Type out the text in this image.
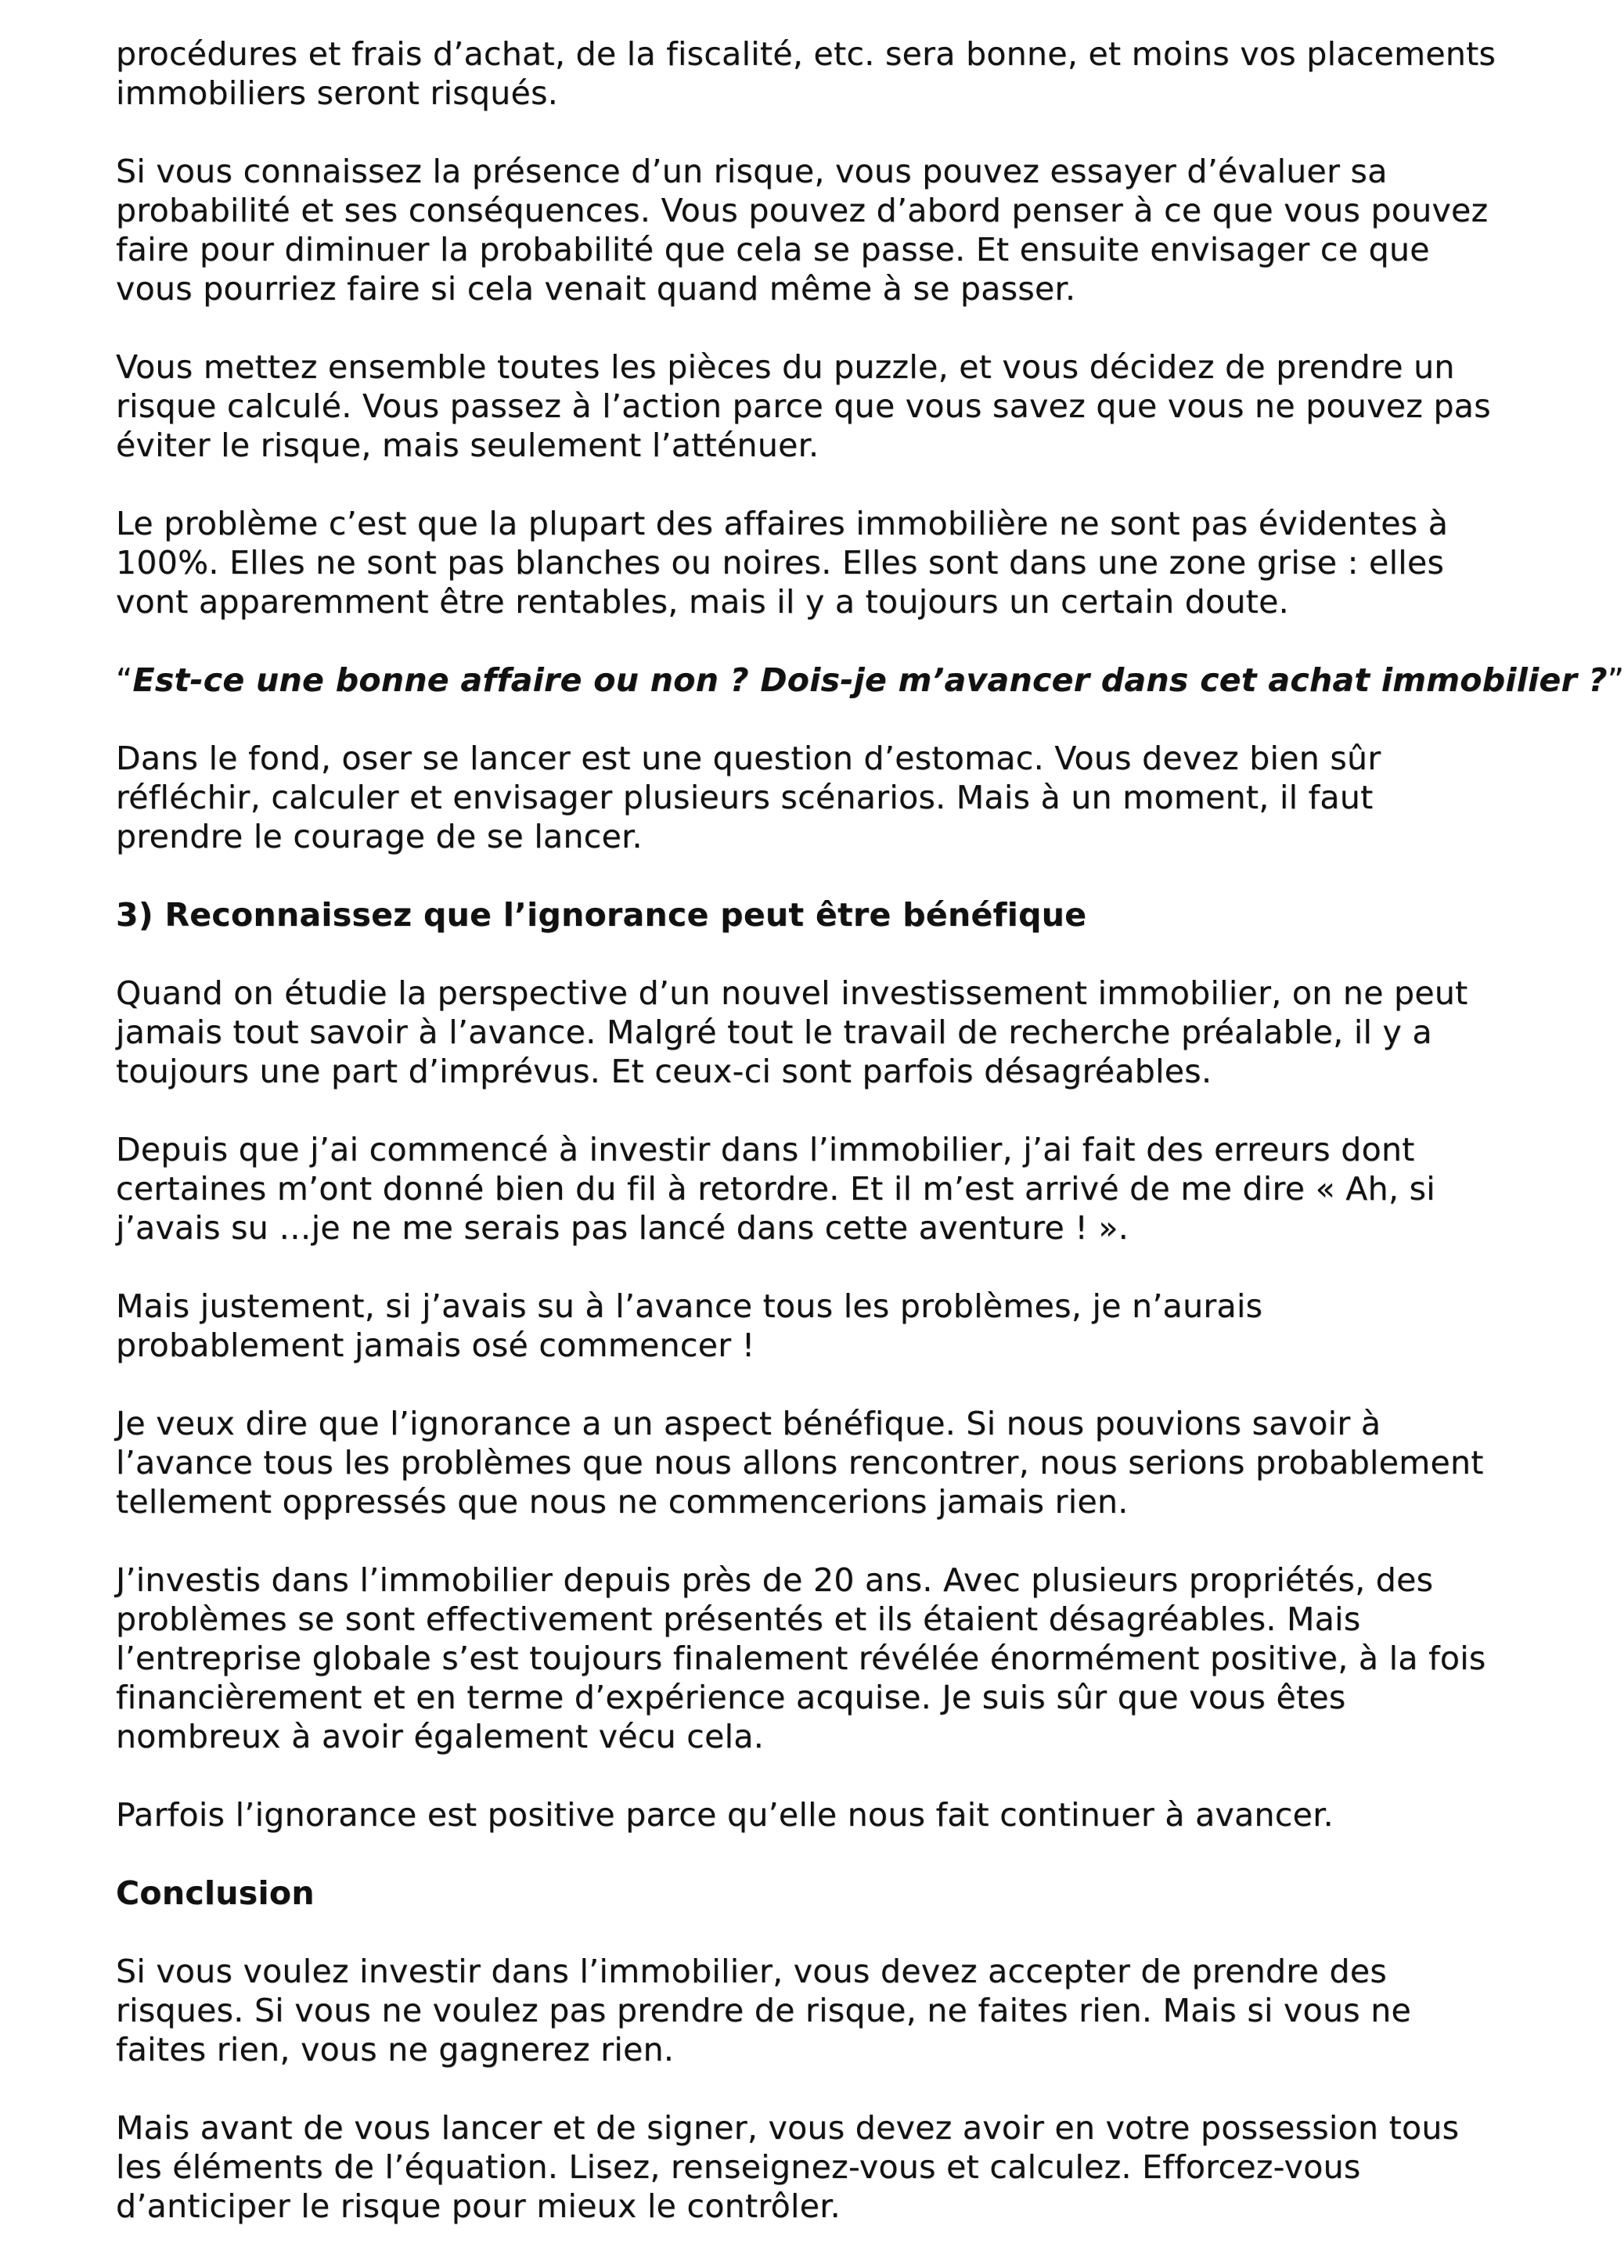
procédures et frais d’achat, de la fiscalité, etc. sera bonne, et moins vos placements
immobiliers seront risqués.

Si vous connaissez la présence d’un risque, vous pouvez essayer d’évaluer sa
probabilité et ses conséquences. Vous pouvez d’abord penser à ce que vous pouvez
faire pour diminuer la probabilité que cela se passe. Et ensuite envisager ce que
vous pourriez faire si cela venait quand même à se passer.

Vous mettez ensemble toutes les pièces du puzzle, et vous décidez de prendre un
risque calculé. Vous passez à l’action parce que vous savez que vous ne pouvez pas
éviter le risque, mais seulement l’atténuer.

Le problème c’est que la plupart des affaires immobilière ne sont pas évidentes à
100%. Elles ne sont pas blanches ou noires. Elles sont dans une zone grise : elles
vont apparemment être rentables, mais il y a toujours un certain doute.

“Est-ce une bonne affaire ou non ? Dois-je m’avancer dans cet achat immobilier ?”

Dans le fond, oser se lancer est une question d’estomac. Vous devez bien sûr
réfléchir, calculer et envisager plusieurs scénarios. Mais à un moment, il faut
prendre le courage de se lancer.

3) Reconnaissez que l’ignorance peut être bénéfique

Quand on étudie la perspective d’un nouvel investissement immobilier, on ne peut
jamais tout savoir à l’avance. Malgré tout le travail de recherche préalable, il y a
toujours une part d’imprévus. Et ceux-ci sont parfois désagréables.

Depuis que j’ai commencé à investir dans l’immobilier, j’ai fait des erreurs dont
certaines m’ont donné bien du fil à retordre. Et il m’est arrivé de me dire « Ah, si
j’avais su …je ne me serais pas lancé dans cette aventure ! ».

Mais justement, si j’avais su à l’avance tous les problèmes, je n’aurais
probablement jamais osé commencer !

Je veux dire que l’ignorance a un aspect bénéfique. Si nous pouvions savoir à
l’avance tous les problèmes que nous allons rencontrer, nous serions probablement
tellement oppressés que nous ne commencerions jamais rien.

J’investis dans l’immobilier depuis près de 20 ans. Avec plusieurs propriétés, des
problèmes se sont effectivement présentés et ils étaient désagréables. Mais
l’entreprise globale s’est toujours finalement révélée énormément positive, à la fois
financièrement et en terme d’expérience acquise. Je suis sûr que vous êtes
nombreux à avoir également vécu cela.

Parfois l’ignorance est positive parce qu’elle nous fait continuer à avancer.

Conclusion

Si vous voulez investir dans l’immobilier, vous devez accepter de prendre des
risques. Si vous ne voulez pas prendre de risque, ne faites rien. Mais si vous ne
faites rien, vous ne gagnerez rien.

Mais avant de vous lancer et de signer, vous devez avoir en votre possession tous
les éléments de l’équation. Lisez, renseignez-vous et calculez. Efforcez-vous
d’anticiper le risque pour mieux le contrôler.
